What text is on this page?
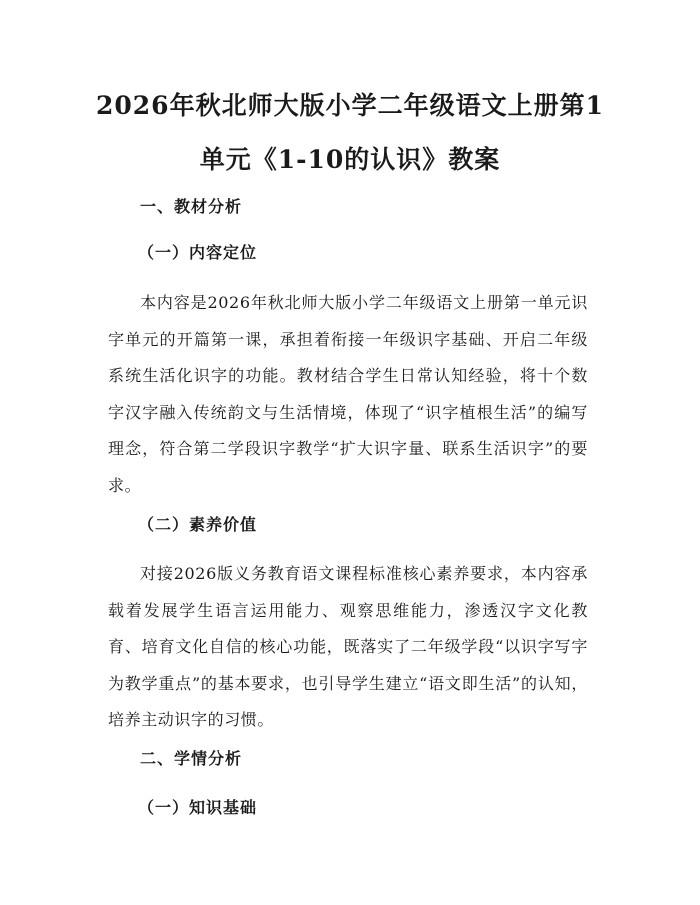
2026年秋北师大版小学二年级语文上册第1
单元《1-10的认识》教案
一、教材分析
（一）内容定位

本内容是2026年秋北师大版小学二年级语文上册第一单元识字单元的开篇第一课，承担着衔接一年级识字基础、开启二年级系统生活化识字的功能。教材结合学生日常认知经验，将十个数字汉字融入传统韵文与生活情境，体现了“识字植根生活”的编写理念，符合第二学段识字教学“扩大识字量、联系生活识字”的要求。

（二）素养价值

对接2026版义务教育语文课程标准核心素养要求，本内容承载着发展学生语言运用能力、观察思维能力，渗透汉字文化教育、培育文化自信的核心功能，既落实了二年级学段“以识字写字为教学重点”的基本要求，也引导学生建立“语文即生活”的认知，培养主动识字的习惯。

二、学情分析
（一）知识基础
